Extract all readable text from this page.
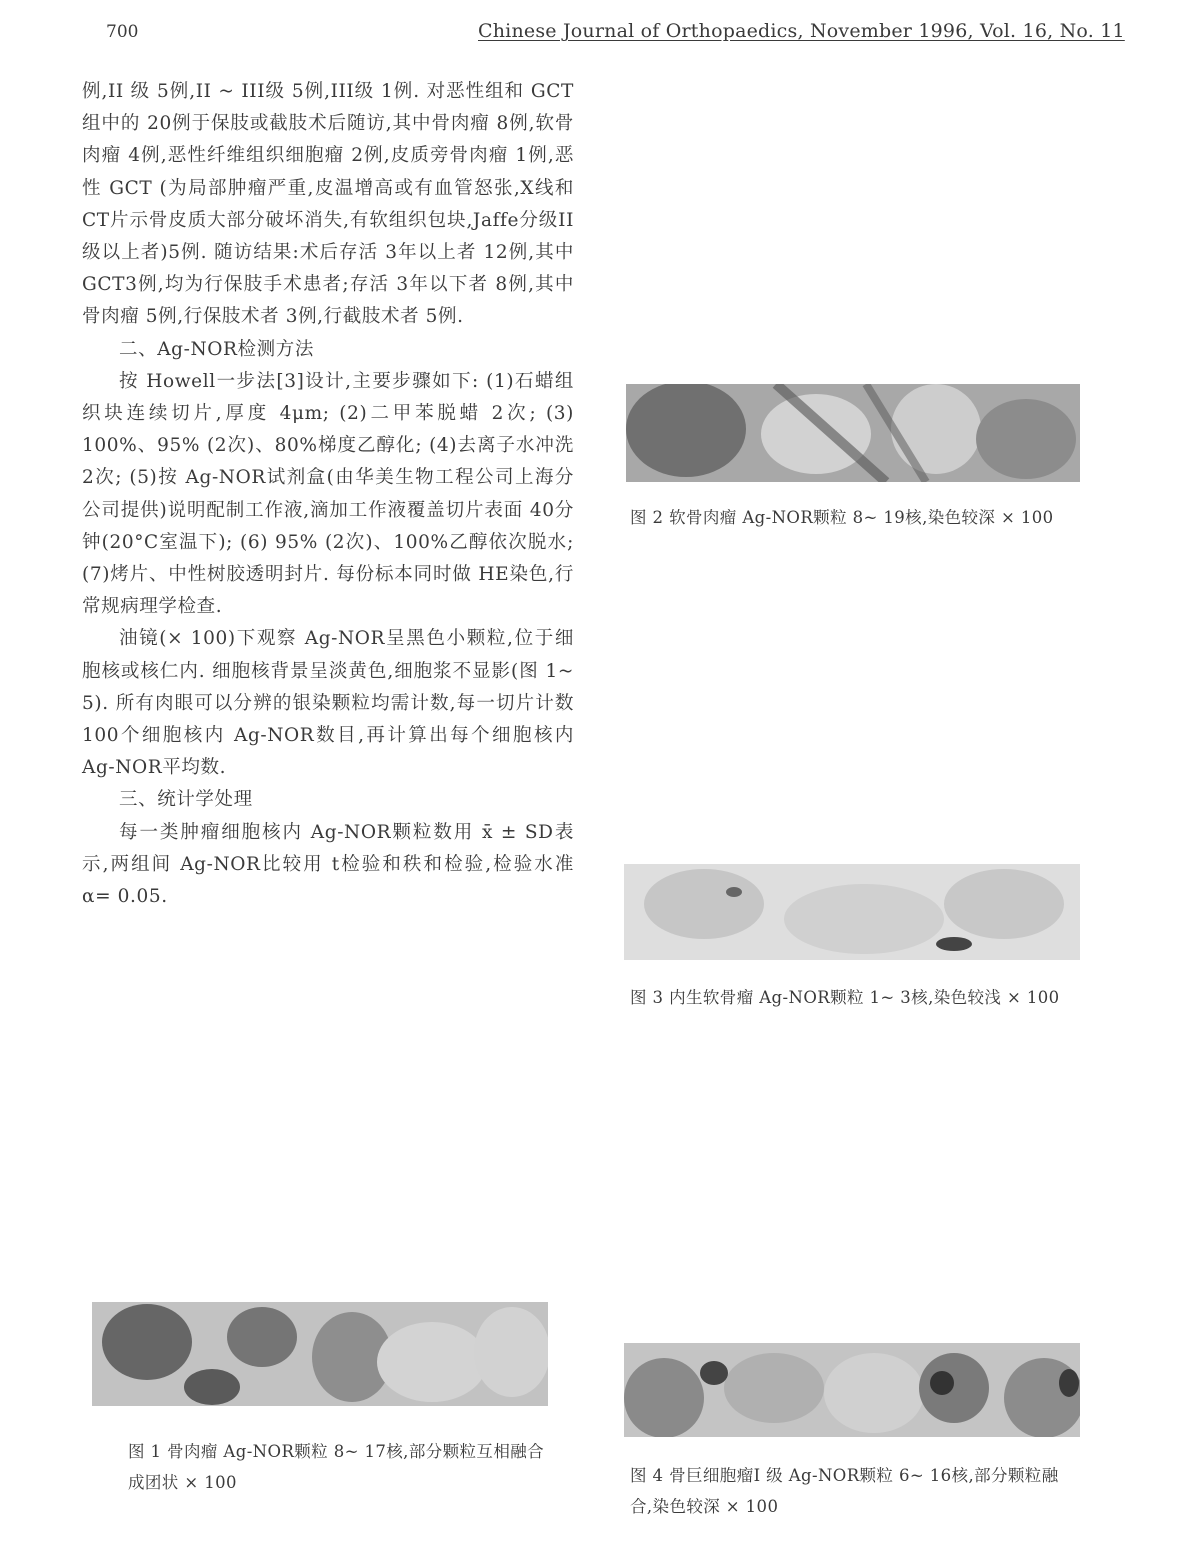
700	Chinese Journal of Orthopaedics, November 1996, Vol. 16, No. 11

例,II 级 5例,II ~ III级 5例,III级 1例. 对恶性组和 GCT组中的 20例于保肢或截肢术后随访,其中骨肉瘤 8例,软骨肉瘤 4例,恶性纤维组织细胞瘤 2例,皮质旁骨肉瘤 1例,恶性 GCT (为局部肿瘤严重,皮温增高或有血管怒张,X线和 CT片示骨皮质大部分破坏消失,有软组织包块,Jaffe分级II 级以上者)5例. 随访结果:术后存活 3年以上者 12例,其中 GCT3例,均为行保肢手术患者;存活 3年以下者 8例,其中骨肉瘤 5例,行保肢术者 3例,行截肢术者 5例.

二、Ag-NOR检测方法

按 Howell一步法[3]设计,主要步骤如下: (1)石蜡组织块连续切片,厚度 4μm; (2)二甲苯脱蜡 2次; (3) 100%、95% (2次)、80%梯度乙醇化; (4)去离子水冲洗 2次; (5)按 Ag-NOR试剂盒(由华美生物工程公司上海分公司提供)说明配制工作液,滴加工作液覆盖切片表面 40分钟(20°C室温下); (6) 95% (2次)、100%乙醇依次脱水; (7)烤片、中性树胶透明封片. 每份标本同时做 HE染色,行常规病理学检查.

油镜(× 100)下观察 Ag-NOR呈黑色小颗粒,位于细胞核或核仁内. 细胞核背景呈淡黄色,细胞浆不显影(图 1~ 5). 所有肉眼可以分辨的银染颗粒均需计数,每一切片计数 100个细胞核内 Ag-NOR数目,再计算出每个细胞核内 Ag-NOR平均数.

三、统计学处理

每一类肿瘤细胞核内 Ag-NOR颗粒数用 x̄ ± SD表示,两组间 Ag-NOR比较用 t检验和秩和检验,检验水准 α= 0.05.

图 1 骨肉瘤 Ag-NOR颗粒 8~ 17核,部分颗粒互相融合成团状 × 100
图 2 软骨肉瘤 Ag-NOR颗粒 8~ 19核,染色较深 × 100
图 3 内生软骨瘤 Ag-NOR颗粒 1~ 3核,染色较浅 × 100
图 4 骨巨细胞瘤I 级 Ag-NOR颗粒 6~ 16核,部分颗粒融合,染色较深 × 100
